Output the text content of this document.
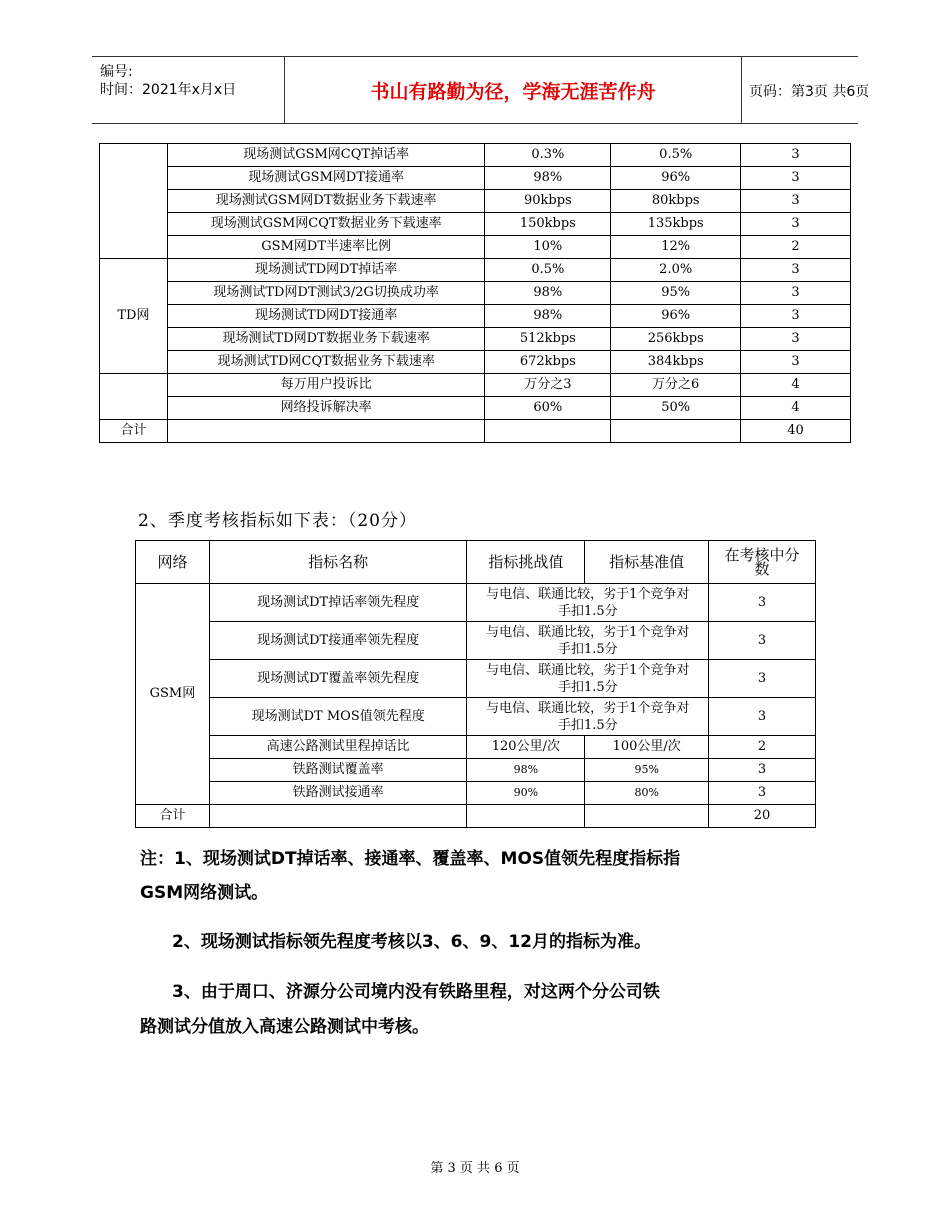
编号:
时间：2021年x月x日	书山有路勤为径，学海无涯苦作舟	页码：第3页 共6页
	现场测试GSM网CQT掉话率	0.3%	0.5%	3
	现场测试GSM网DT接通率	98%	96%	3
	现场测试GSM网DT数据业务下载速率	90kbps	80kbps	3
	现场测试GSM网CQT数据业务下载速率	150kbps	135kbps	3
	GSM网DT半速率比例	10%	12%	2
TD网	现场测试TD网DT掉话率	0.5%	2.0%	3
	现场测试TD网DT测试3/2G切换成功率	98%	95%	3
	现场测试TD网DT接通率	98%	96%	3
	现场测试TD网DT数据业务下载速率	512kbps	256kbps	3
	现场测试TD网CQT数据业务下载速率	672kbps	384kbps	3
	每万用户投诉比	万分之3	万分之6	4
	网络投诉解决率	60%	50%	4
合计				40
2、季度考核指标如下表：（20分）
网络	指标名称	指标挑战值	指标基准值	在考核中分数
GSM网	现场测试DT掉话率领先程度	与电信、联通比较，劣于1个竞争对手扣1.5分		3
	现场测试DT接通率领先程度	与电信、联通比较，劣于1个竞争对手扣1.5分		3
	现场测试DT覆盖率领先程度	与电信、联通比较，劣于1个竞争对手扣1.5分		3
	现场测试DT MOS值领先程度	与电信、联通比较，劣于1个竞争对手扣1.5分		3
	高速公路测试里程掉话比	120公里/次	100公里/次	2
	铁路测试覆盖率	98%	95%	3
	铁路测试接通率	90%	80%	3
合计				20
注：1、现场测试DT掉话率、接通率、覆盖率、MOS值领先程度指标指
GSM网络测试。
2、现场测试指标领先程度考核以3、6、9、12月的指标为准。
3、由于周口、济源分公司境内没有铁路里程，对这两个分公司铁
路测试分值放入高速公路测试中考核。
第 3 页 共 6 页
